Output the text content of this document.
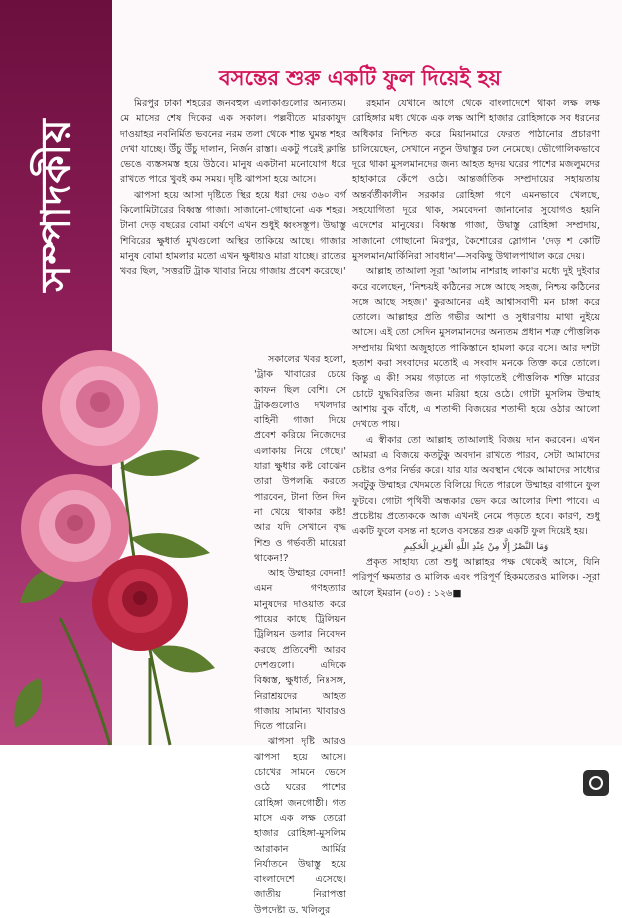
সম্পাদকীয়
বসন্তের শুরু একটি ফুল দিয়েই হয়

মিরপুর ঢাকা শহরের জনবহুল এলাকাগুলোর অন্যতম। মে মাসের শেষ দিকের এক সকাল। পল্লবীতে মারকাযুদ দাওয়াহর নবনির্মিত ভবনের নরম তলা থেকে শান্ত ঘুমন্ত শহর দেখা যাচ্ছে। উঁচু উঁচু দালান, নির্জন রাস্তা। একটু পরেই ক্লান্তি ভেঙে ব্যস্তসমস্ত হয়ে উঠবে। মানুষ একটানা মনোযোগ ধরে রাখতে পারে খুবই কম সময়। দৃষ্টি ঝাপসা হয়ে আসে।

ঝাপসা হয়ে আসা দৃষ্টিতে স্থির হয়ে ধরা দেয় ৩৬০ বর্গ কিলোমিটারের বিধ্বস্ত গাজা। সাজানো-গোছানো এক শহর। টানা দেড় বছরের বোমা বর্ষণে এখন শুধুই ধ্বংসস্তূপ। উদ্বাস্তু শিবিরের ক্ষুধার্ত মুখগুলো অস্থির তাকিয়ে আছে। গাজার মানুষ বোমা হামলার মতো এখন ক্ষুধায়ও মারা যাচ্ছে। রাতের খবর ছিল, 'সত্তরটি ট্রাক খাবার নিয়ে গাজায় প্রবেশ করেছে।'

সকালের খবর হলো, 'ট্রাক খাবারের চেয়ে কাফন ছিল বেশি। সে ট্রাকগুলোও দখলদার বাহিনী গাজা দিয়ে প্রবেশ করিয়ে নিজেদের এলাকায় নিয়ে গেছে।' যারা ক্ষুধার কষ্ট বোঝেন তারা উপলব্ধি করতে পারবেন, টানা তিন দিন না খেয়ে থাকার কষ্ট! আর যদি সেখানে বৃদ্ধ শিশু ও গর্ভবতী মায়েরা থাকেন!?

আহ উম্মাহর বেদনা! এমন গণহত্যার মানুষদের দাওয়াত করে পায়ের কাছে ট্রিলিয়ন ট্রিলিয়ন ডলার নিবেদন করছে প্রতিবেশী আরব দেশগুলো। এদিকে বিধ্বস্ত, ক্ষুধার্ত, নিঃসঙ্গ, নিরাশ্রয়দের আহত গাজায় সামান্য খাবারও দিতে পারেনি।

ঝাপসা দৃষ্টি আরও ঝাপসা হয়ে আসে। চোখের সামনে ভেসে ওঠে ঘরের পাশের রোহিঙ্গা জনগোষ্ঠী। গত মাসে এক লক্ষ তেরো হাজার রোহিঙ্গা-মুসলিম আরাকান আর্মির নির্যাতনে উদ্বাস্তু হয়ে বাংলাদেশে এসেছে। জাতীয় নিরাপত্তা উপদেষ্টা ড. খলিলুর

রহমান যেখানে আগে থেকে বাংলাদেশে থাকা লক্ষ লক্ষ রোহিঙ্গার মধ্য থেকে এক লক্ষ আশি হাজার রোহিঙ্গাকে সব ধরনের অধিকার নিশ্চিত করে মিয়ানমারে ফেরত পাঠানোর প্রচারণা চালিয়েছেন, সেখানে নতুন উদ্বাস্তুর ঢল নেমেছে। ভৌগোলিকভাবে দূরে থাকা মুসলমানদের জন্য আহত হৃদয় ঘরের পাশের মজলুমদের হাহাকারে কেঁপে ওঠে। আন্তর্জাতিক সম্প্রদায়ের সহায়তায় অন্তর্বর্তীকালীন সরকার রোহিঙ্গা গণে এমনভাবে খেলছে, সহযোগিতা দূরে থাক, সমবেদনা জানানোর সুযোগও হয়নি এদেশের মানুষের। বিধ্বস্ত গাজা, উদ্বাস্তু রোহিঙ্গা সম্প্রদায়, সাজানো গোছানো মিরপুর, কৈশোরের স্লোগান 'দেড় শ কোটি মুসলমান/মার্কিনিরা সাবধান'—সবকিছু উথালপাথাল করে দেয়।

আল্লাহ তাআলা সূরা 'আলাম নাশরাহ লাকা'র মধ্যে দুই দুইবার করে বলেছেন, 'নিশ্চয়ই কঠিনের সঙ্গে আছে সহজ, নিশ্চয় কঠিনের সঙ্গে আছে সহজ।' কুরআনের এই আশ্বাসবাণী মন চাঙ্গা করে তোলে। আল্লাহর প্রতি গভীর আশা ও সুধারণায় মাথা নুইয়ে আসে। এই তো সেদিন মুসলমানদের অন্যতম প্রধান শত্রু পৌত্তলিক সম্প্রদায় মিথ্যা অজুহাতে পাকিস্তানে হামলা করে বসে। আর দশটা হতাশ করা সংবাদের মতোই এ সংবাদ মনকে তিক্ত করে তোলে। কিন্তু এ কী! সময় গড়াতে না গড়াতেই পৌত্তলিক শক্তি মারের চোটে যুদ্ধবিরতির জন্য মরিয়া হয়ে ওঠে। গোটা মুসলিম উম্মাহ আশায় বুক বাঁধে, এ শতাব্দী বিজয়ের শতাব্দী হয়ে ওঠার আলো দেখতে পায়।

এ স্বীকার তো আল্লাহ তাআলাই বিজয় দান করবেন। এখন আমরা এ বিজয়ে কতটুকু অবদান রাখতে পারব, সেটা আমাদের চেষ্টার ওপর নির্ভর করে। যার যার অবস্থান থেকে আমাদের সাধ্যের সবটুকু উম্মাহর খেদমতে বিলিয়ে দিতে পারলে উম্মাহর বাগানে ফুল ফুটবে। গোটা পৃথিবী অন্ধকার ভেদ করে আলোর দিশা পাবে। এ প্রচেষ্টায় প্রত্যেককে আজ এখনই নেমে পড়তে হবে। কারণ, শুধু একটি ফুলে বসন্ত না হলেও বসন্তের শুরু একটি ফুল দিয়েই হয়।

وَمَا النَّصْرُ إِلَّا مِنْ عِنْدِ اللَّهِ الْعَزِيزِ الْحَكِيمِ

প্রকৃত সাহায্য তো শুধু আল্লাহর পক্ষ থেকেই আসে, যিনি পরিপূর্ণ ক্ষমতার ও মালিক এবং পরিপূর্ণ হিকমতেরও মালিক। -সূরা আলে ইমরান (০৩) : ১২৬■
